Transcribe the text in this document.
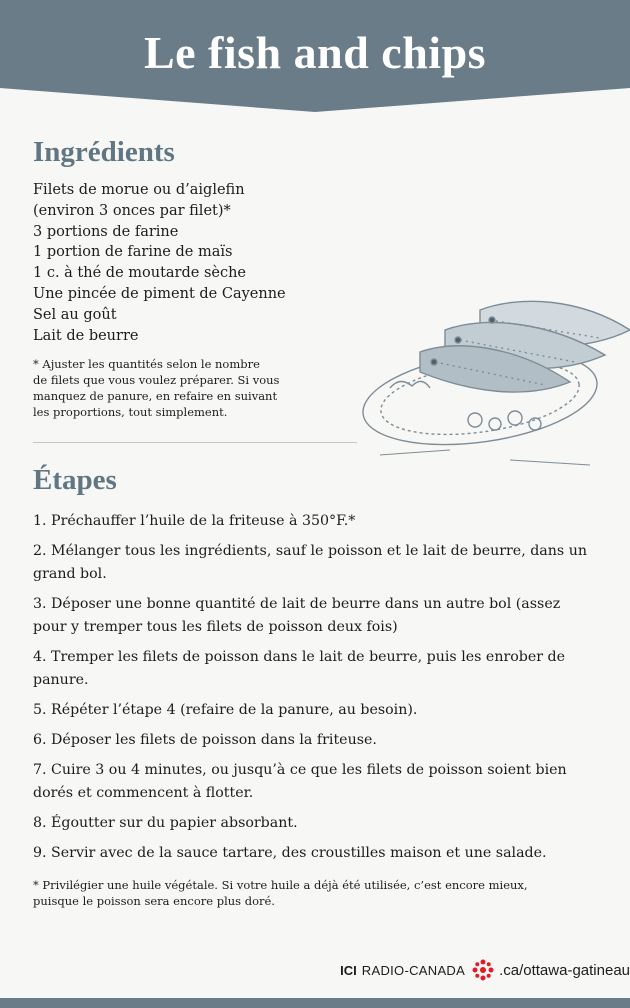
Le fish and chips
Ingrédients
Filets de morue ou d’aiglefin
(environ 3 onces par filet)*
3 portions de farine
1 portion de farine de maïs
1 c. à thé de moutarde sèche
Une pincée de piment de Cayenne
Sel au goût
Lait de beurre
* Ajuster les quantités selon le nombre
de filets que vous voulez préparer. Si vous
manquez de panure, en refaire en suivant
les proportions, tout simplement.
Étapes
1. Préchauffer l’huile de la friteuse à 350°F.*
2. Mélanger tous les ingrédients, sauf le poisson et le lait de beurre, dans un grand bol.
3. Déposer une bonne quantité de lait de beurre dans un autre bol (assez pour y tremper tous les filets de poisson deux fois)
4. Tremper les filets de poisson dans le lait de beurre, puis les enrober de panure.
5. Répéter l’étape 4 (refaire de la panure, au besoin).
6. Déposer les filets de poisson dans la friteuse.
7. Cuire 3 ou 4 minutes, ou jusqu’à ce que les filets de poisson soient bien dorés et commencent à flotter.
8. Égoutter sur du papier absorbant.
9. Servir avec de la sauce tartare, des croustilles maison et une salade.
* Privilégier une huile végétale. Si votre huile a déjà été utilisée, c’est encore mieux, puisque le poisson sera encore plus doré.
ICI RADIO-CANADA .ca/ottawa-gatineau
